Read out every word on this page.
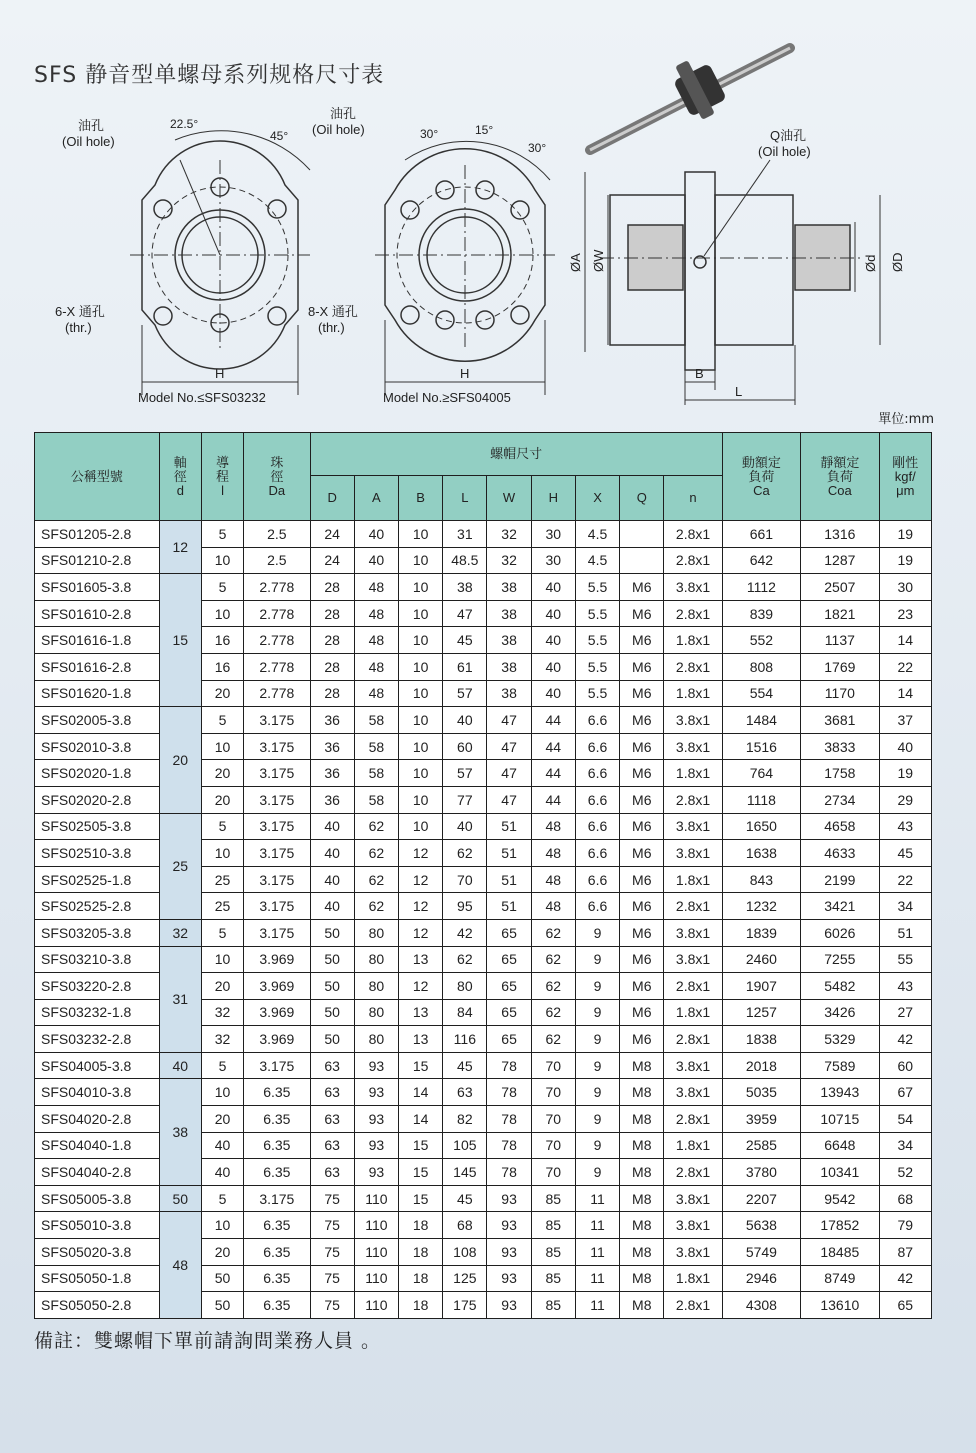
SFS 静音型单螺母系列规格尺寸表
油孔
(Oil hole)
22.5°
45°
6-X 通孔
(thr.)
H
Model No.≤SFS03232
油孔
(Oil hole)	30°	15°
30°
8-X 通孔
(thr.)
H
Model No.≥SFS04005
Q油孔
(Oil hole)
ØA ØW	Ød ØD
B
L
單位:mm
公稱型號	軸
徑
d	導
程
l	珠
徑
Da	螺帽尺寸									動額定
負荷
Ca	靜額定
負荷
Coa	剛性
kgf/
μm
				D	A	B	L	W	H	X	Q	n			
SFS01205-2.8	12	5	2.5	24	40	10	31	32	30	4.5		2.8x1	661	1316	19
SFS01210-2.8		10	2.5	24	40	10	48.5	32	30	4.5		2.8x1	642	1287	19
SFS01605-3.8	15	5	2.778	28	48	10	38	38	40	5.5	M6	3.8x1	1112	2507	30
SFS01610-2.8		10	2.778	28	48	10	47	38	40	5.5	M6	2.8x1	839	1821	23
SFS01616-1.8		16	2.778	28	48	10	45	38	40	5.5	M6	1.8x1	552	1137	14
SFS01616-2.8		16	2.778	28	48	10	61	38	40	5.5	M6	2.8x1	808	1769	22
SFS01620-1.8		20	2.778	28	48	10	57	38	40	5.5	M6	1.8x1	554	1170	14
SFS02005-3.8	20	5	3.175	36	58	10	40	47	44	6.6	M6	3.8x1	1484	3681	37
SFS02010-3.8		10	3.175	36	58	10	60	47	44	6.6	M6	3.8x1	1516	3833	40
SFS02020-1.8		20	3.175	36	58	10	57	47	44	6.6	M6	1.8x1	764	1758	19
SFS02020-2.8		20	3.175	36	58	10	77	47	44	6.6	M6	2.8x1	1118	2734	29
SFS02505-3.8	25	5	3.175	40	62	10	40	51	48	6.6	M6	3.8x1	1650	4658	43
SFS02510-3.8		10	3.175	40	62	12	62	51	48	6.6	M6	3.8x1	1638	4633	45
SFS02525-1.8		25	3.175	40	62	12	70	51	48	6.6	M6	1.8x1	843	2199	22
SFS02525-2.8		25	3.175	40	62	12	95	51	48	6.6	M6	2.8x1	1232	3421	34
SFS03205-3.8	32	5	3.175	50	80	12	42	65	62	9	M6	3.8x1	1839	6026	51
SFS03210-3.8	31	10	3.969	50	80	13	62	65	62	9	M6	3.8x1	2460	7255	55
SFS03220-2.8		20	3.969	50	80	12	80	65	62	9	M6	2.8x1	1907	5482	43
SFS03232-1.8		32	3.969	50	80	13	84	65	62	9	M6	1.8x1	1257	3426	27
SFS03232-2.8		32	3.969	50	80	13	116	65	62	9	M6	2.8x1	1838	5329	42
SFS04005-3.8	40	5	3.175	63	93	15	45	78	70	9	M8	3.8x1	2018	7589	60
SFS04010-3.8	38	10	6.35	63	93	14	63	78	70	9	M8	3.8x1	5035	13943	67
SFS04020-2.8		20	6.35	63	93	14	82	78	70	9	M8	2.8x1	3959	10715	54
SFS04040-1.8		40	6.35	63	93	15	105	78	70	9	M8	1.8x1	2585	6648	34
SFS04040-2.8		40	6.35	63	93	15	145	78	70	9	M8	2.8x1	3780	10341	52
SFS05005-3.8	50	5	3.175	75	110	15	45	93	85	11	M8	3.8x1	2207	9542	68
SFS05010-3.8	48	10	6.35	75	110	18	68	93	85	11	M8	3.8x1	5638	17852	79
SFS05020-3.8		20	6.35	75	110	18	108	93	85	11	M8	3.8x1	5749	18485	87
SFS05050-1.8		50	6.35	75	110	18	125	93	85	11	M8	1.8x1	2946	8749	42
SFS05050-2.8		50	6.35	75	110	18	175	93	85	11	M8	2.8x1	4308	13610	65
備註：雙螺帽下單前請詢問業務人員 。
